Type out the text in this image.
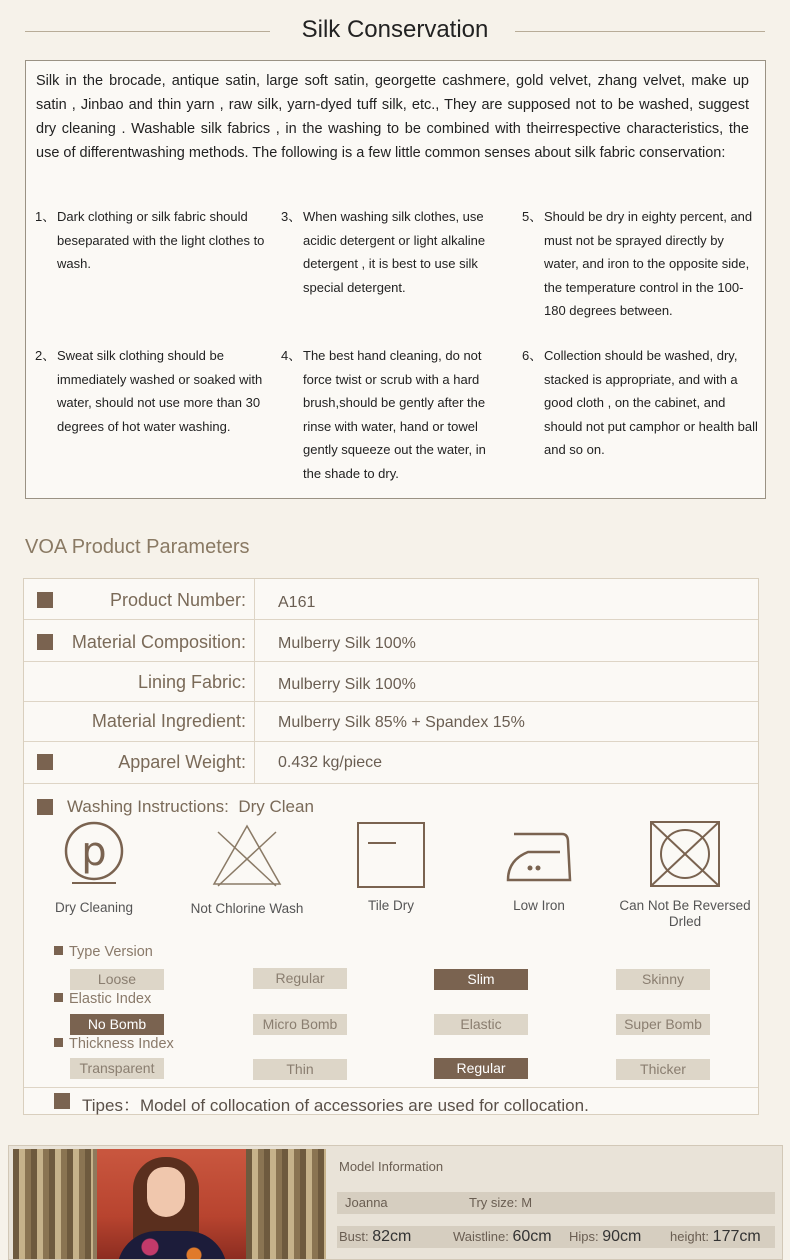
Silk Conservation
Silk in the brocade, antique satin, large soft satin, georgette cashmere, gold velvet, zhang velvet, make up satin , Jinbao and thin yarn , raw silk, yarn-dyed tuff silk, etc., They are supposed not to be washed, suggest dry cleaning . Washable silk fabrics , in the washing to be combined with theirrespective characteristics, the use of differentwashing methods. The following is a few little common senses about silk fabric conservation:
1、 Dark clothing or silk fabric should beseparated with the light clothes to wash.
3、 When washing silk clothes, use acidic detergent or light alkaline detergent , it is best to use silk special detergent.
5、 Should be dry in eighty percent, and must not be sprayed directly by water, and iron to the opposite side, the temperature control in the 100-180 degrees between.
2、 Sweat silk clothing should be immediately washed or soaked with water, should not use more than 30 degrees of hot water washing.
4、 The best hand cleaning, do not force twist or scrub with a hard brush,should be gently after the rinse with water, hand or towel gently squeeze out the water, in the shade to dry.
6、 Collection should be washed, dry, stacked is appropriate, and with a good cloth , on the cabinet, and should not put camphor or health ball and so on.
VOA Product Parameters
Product Number: A161
Material Composition: Mulberry Silk 100%
Lining Fabric: Mulberry Silk 100%
Material Ingredient: Mulberry Silk 85% + Spandex 15%
Apparel Weight: 0.432 kg/piece
Washing Instructions: Dry Clean
p
Dry Cleaning	Not Chlorine Wash	Tile Dry	Low Iron	Can Not Be Reversed Drled
Type Version
Loose	Regular	Slim	Skinny
Elastic Index
No Bomb	Micro Bomb	Elastic	Super Bomb
Thickness Index
Transparent	Thin	Regular	Thicker
Tipes：Model of collocation of accessories are used for collocation.
Model Information
Joanna	Try size: M
Bust: 82cm	Waistline: 60cm Hips: 90cm height: 177cm
